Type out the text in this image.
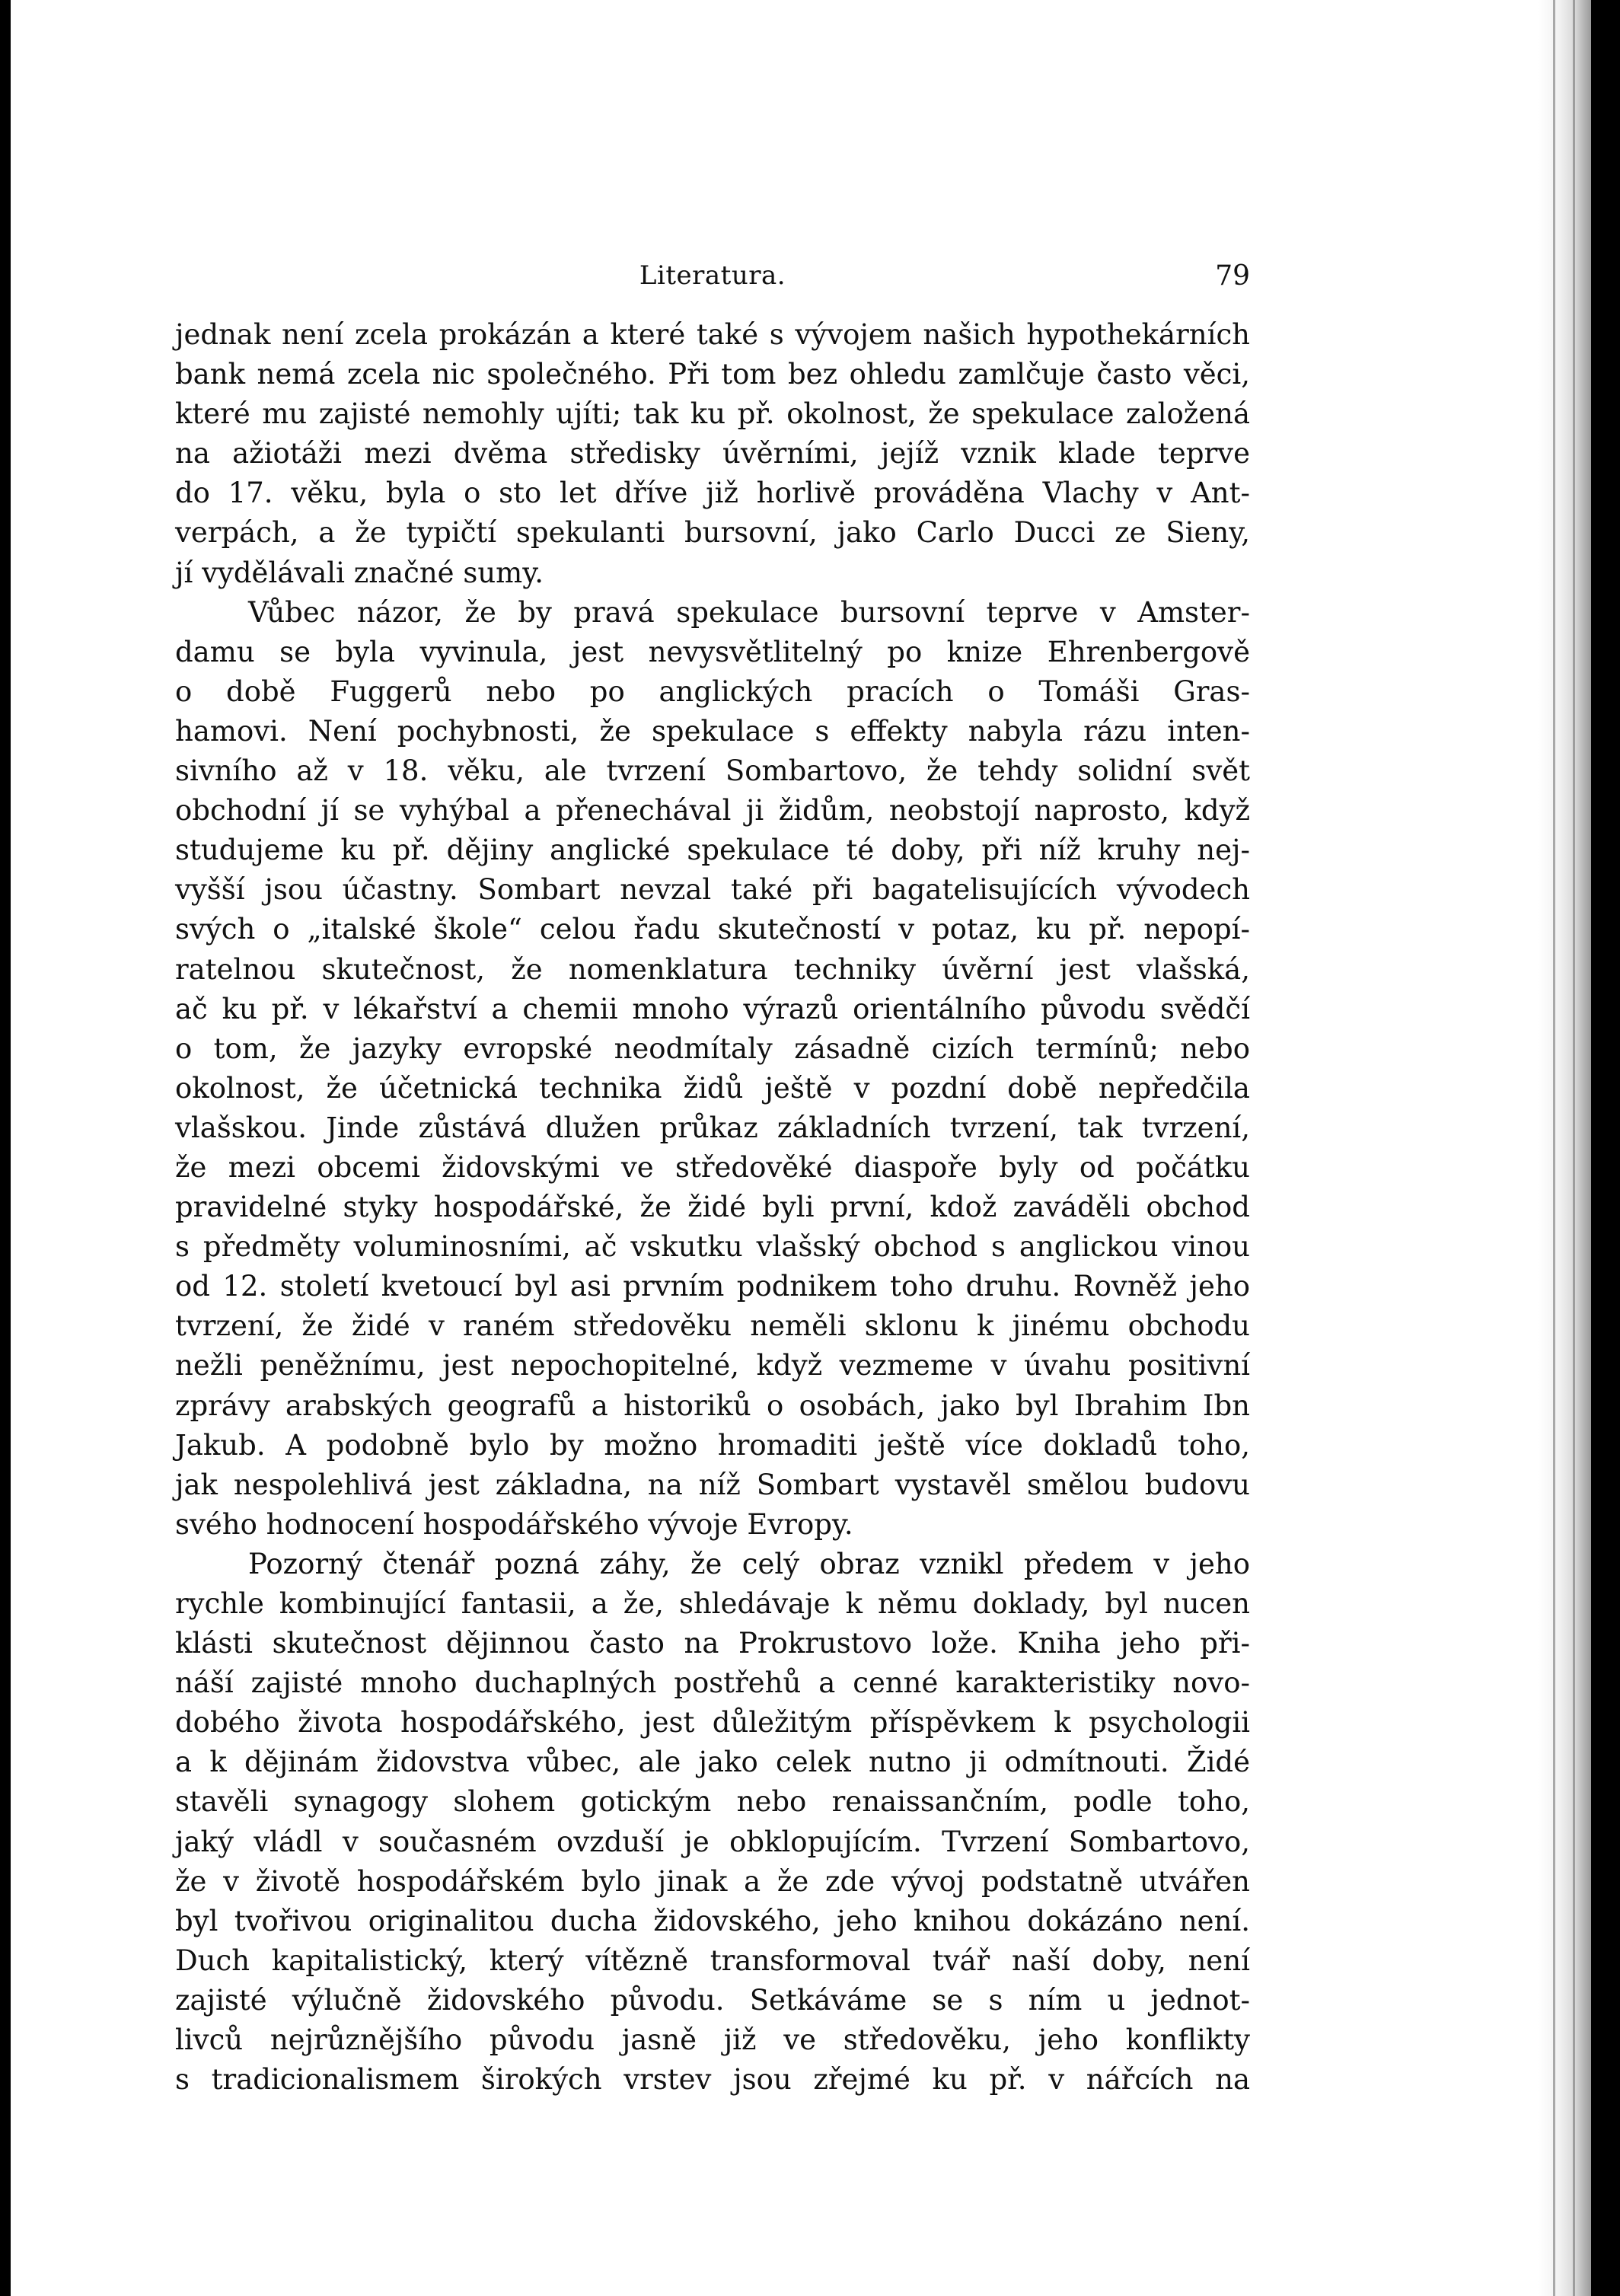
Literatura.	79

jednak není zcela prokázán a které také s vývojem našich hypothekárních

bank nemá zcela nic společného. Při tom bez ohledu zamlčuje často věci,

které mu zajisté nemohly ujíti; tak ku př. okolnost, že spekulace založená

na ažiotáži mezi dvěma středisky úvěrními, jejíž vznik klade teprve

do 17. věku, byla o sto let dříve již horlivě prováděna Vlachy v Ant-

verpách, a že typičtí spekulanti bursovní, jako Carlo Ducci ze Sieny,

jí vydělávali značné sumy.

Vůbec názor, že by pravá spekulace bursovní teprve v Amster-

damu se byla vyvinula, jest nevysvětlitelný po knize Ehrenbergově

o době Fuggerů nebo po anglických pracích o Tomáši Gras-

hamovi. Není pochybnosti, že spekulace s effekty nabyla rázu inten-

sivního až v 18. věku, ale tvrzení Sombartovo, že tehdy solidní svět

obchodní jí se vyhýbal a přenechával ji židům, neobstojí naprosto, když

studujeme ku př. dějiny anglické spekulace té doby, při níž kruhy nej-

vyšší jsou účastny. Sombart nevzal také při bagatelisujících vývodech

svých o „italské škole“ celou řadu skutečností v potaz, ku př. nepopí-

ratelnou skutečnost, že nomenklatura techniky úvěrní jest vlašská,

ač ku př. v lékařství a chemii mnoho výrazů orientálního původu svědčí

o tom, že jazyky evropské neodmítaly zásadně cizích termínů; nebo

okolnost, že účetnická technika židů ještě v pozdní době nepředčila

vlašskou. Jinde zůstává dlužen průkaz základních tvrzení, tak tvrzení,

že mezi obcemi židovskými ve středověké diaspoře byly od počátku

pravidelné styky hospodářské, že židé byli první, kdož zaváděli obchod

s předměty voluminosními, ač vskutku vlašský obchod s anglickou vinou

od 12. století kvetoucí byl asi prvním podnikem toho druhu. Rovněž jeho

tvrzení, že židé v raném středověku neměli sklonu k jinému obchodu

nežli peněžnímu, jest nepochopitelné, když vezmeme v úvahu positivní

zprávy arabských geografů a historiků o osobách, jako byl Ibrahim Ibn

Jakub. A podobně bylo by možno hromaditi ještě více dokladů toho,

jak nespolehlivá jest základna, na níž Sombart vystavěl smělou budovu

svého hodnocení hospodářského vývoje Evropy.

Pozorný čtenář pozná záhy, že celý obraz vznikl předem v jeho

rychle kombinující fantasii, a že, shledávaje k němu doklady, byl nucen

klásti skutečnost dějinnou často na Prokrustovo lože. Kniha jeho při-

náší zajisté mnoho duchaplných postřehů a cenné karakteristiky novo-

dobého života hospodářského, jest důležitým příspěvkem k psychologii

a k dějinám židovstva vůbec, ale jako celek nutno ji odmítnouti. Židé

stavěli synagogy slohem gotickým nebo renaissančním, podle toho,

jaký vládl v současném ovzduší je obklopujícím. Tvrzení Sombartovo,

že v životě hospodářském bylo jinak a že zde vývoj podstatně utvářen

byl tvořivou originalitou ducha židovského, jeho knihou dokázáno není.

Duch kapitalistický, který vítězně transformoval tvář naší doby, není

zajisté výlučně židovského původu. Setkáváme se s ním u jednot-

livců nejrůznějšího původu jasně již ve středověku, jeho konflikty

s tradicionalismem širokých vrstev jsou zřejmé ku př. v nářcích na
